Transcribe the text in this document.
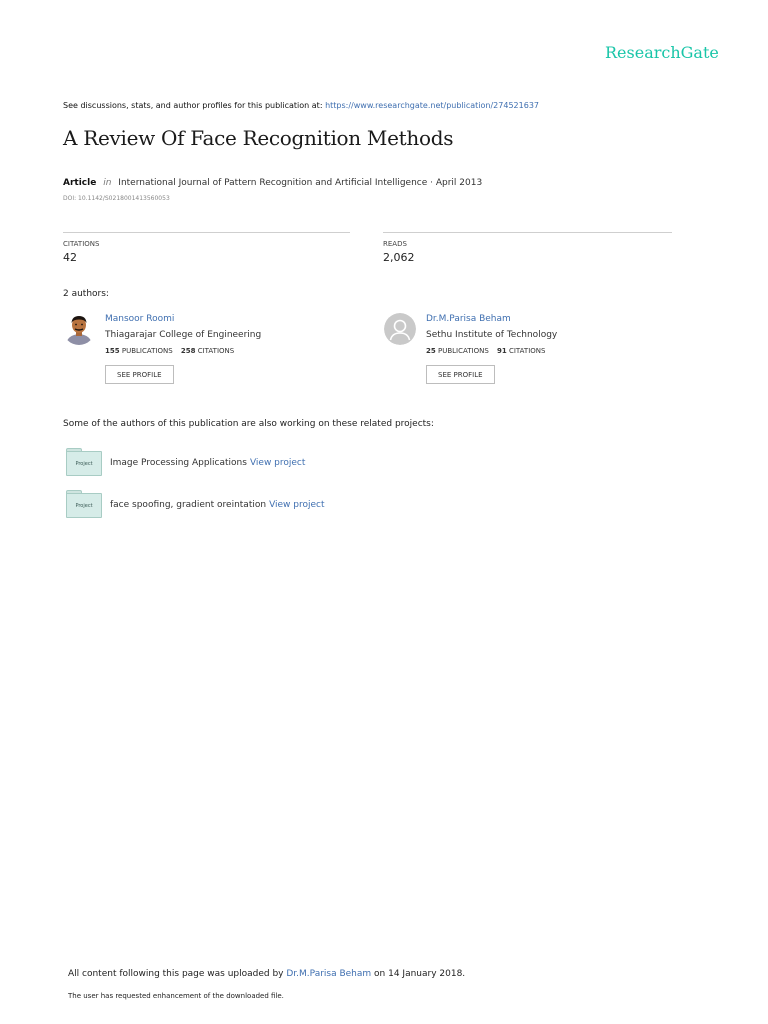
ResearchGate
See discussions, stats, and author profiles for this publication at: https://www.researchgate.net/publication/274521637
A Review Of Face Recognition Methods
Article in International Journal of Pattern Recognition and Artificial Intelligence · April 2013
DOI: 10.1142/S0218001413560053
CITATIONS
42
READS
2,062
2 authors:
Mansoor Roomi
Thiagarajar College of Engineering
155 PUBLICATIONS 258 CITATIONS
SEE PROFILE
Dr.M.Parisa Beham
Sethu Institute of Technology
25 PUBLICATIONS 91 CITATIONS
SEE PROFILE
Some of the authors of this publication are also working on these related projects:
Project	Image Processing Applications View project
Project	face spoofing, gradient oreintation View project
All content following this page was uploaded by Dr.M.Parisa Beham on 14 January 2018.
The user has requested enhancement of the downloaded file.
